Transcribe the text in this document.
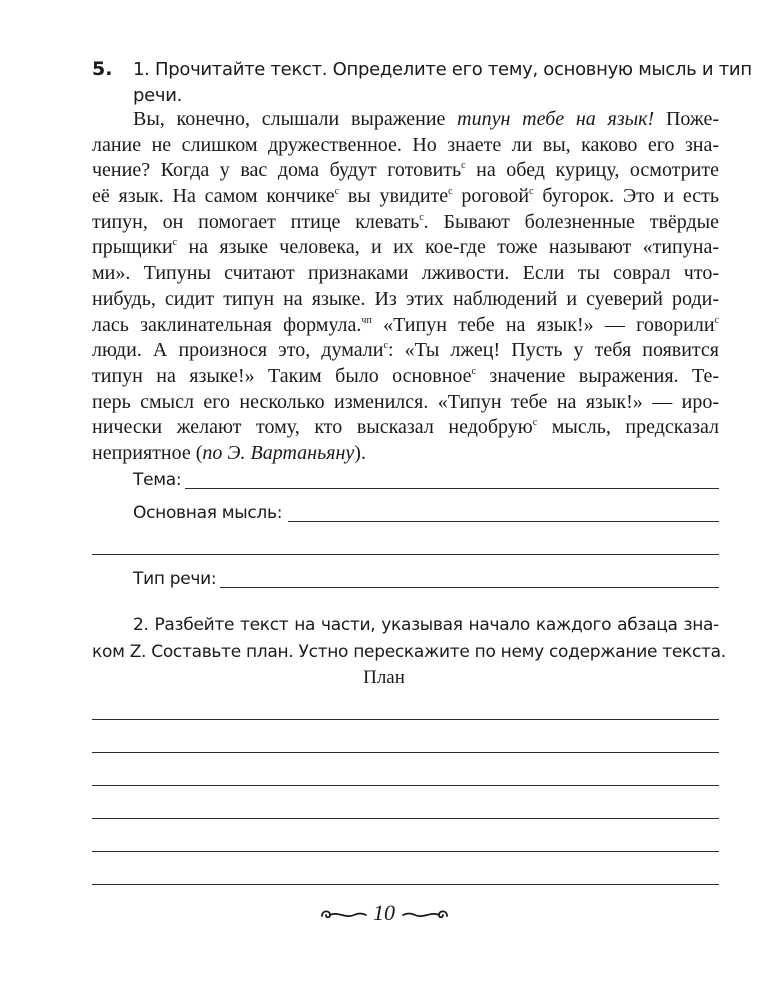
5. 1. Прочитайте текст. Определите его тему, основную мысль и тип
речи.
Вы, конечно, слышали выражение типун тебе на язык! Поже-
лание не слишком дружественное. Но знаете ли вы, каково его зна-
чение? Когда у вас дома будут готовить$^с$ на обед курицу, осмотрите
её язык. На самом кончике$^с$ вы увидите$^с$ роговой$^с$ бугорок. Это и есть
типун, он помогает птице клевать$^с$. Бывают болезненные твёрдые
прыщики$^с$ на языке человека, и их кое-где тоже называют «типуна-
ми». Типуны считают признаками лживости. Если ты соврал что-
нибудь, сидит типун на языке. Из этих наблюдений и суеверий роди-
лась заклинательная формула.$^{чп}$ «Типун тебе на язык!» — говорили$^с$
люди. А произнося это, думали$^с$: «Ты лжец! Пусть у тебя появится
типун на языке!» Таким было основное$^с$ значение выражения. Те-
перь смысл его несколько изменился. «Типун тебе на язык!» — иро-
нически желают тому, кто высказал недобрую$^с$ мысль, предсказал
неприятное (по Э. Вартаньяну).
Тема:
Основная мысль:
Тип речи:
2. Разбейте текст на части, указывая начало каждого абзаца зна-
ком Z. Составьте план. Устно перескажите по нему содержание текста.
План
10
